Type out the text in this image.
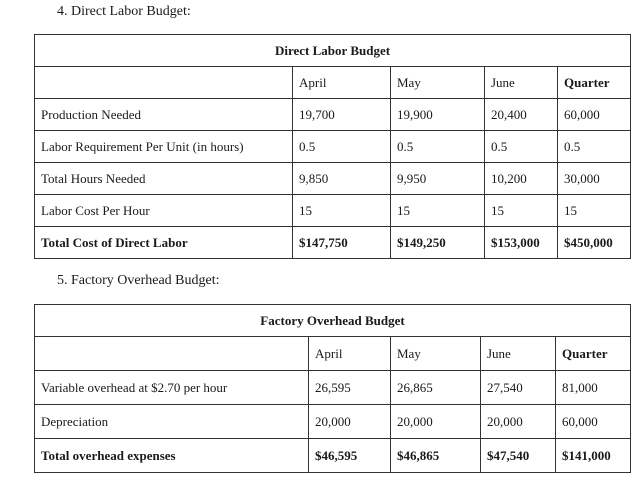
4. Direct Labor Budget:
Direct Labor Budget				
	April	May	June	Quarter
Production Needed	19,700	19,900	20,400	60,000
Labor Requirement Per Unit (in hours)	0.5	0.5	0.5	0.5
Total Hours Needed	9,850	9,950	10,200	30,000
Labor Cost Per Hour	15	15	15	15
Total Cost of Direct Labor	$147,750	$149,250	$153,000	$450,000
5. Factory Overhead Budget:
Factory Overhead Budget				
	April	May	June	Quarter
Variable overhead at $2.70 per hour	26,595	26,865	27,540	81,000
Depreciation	20,000	20,000	20,000	60,000
Total overhead expenses	$46,595	$46,865	$47,540	$141,000
